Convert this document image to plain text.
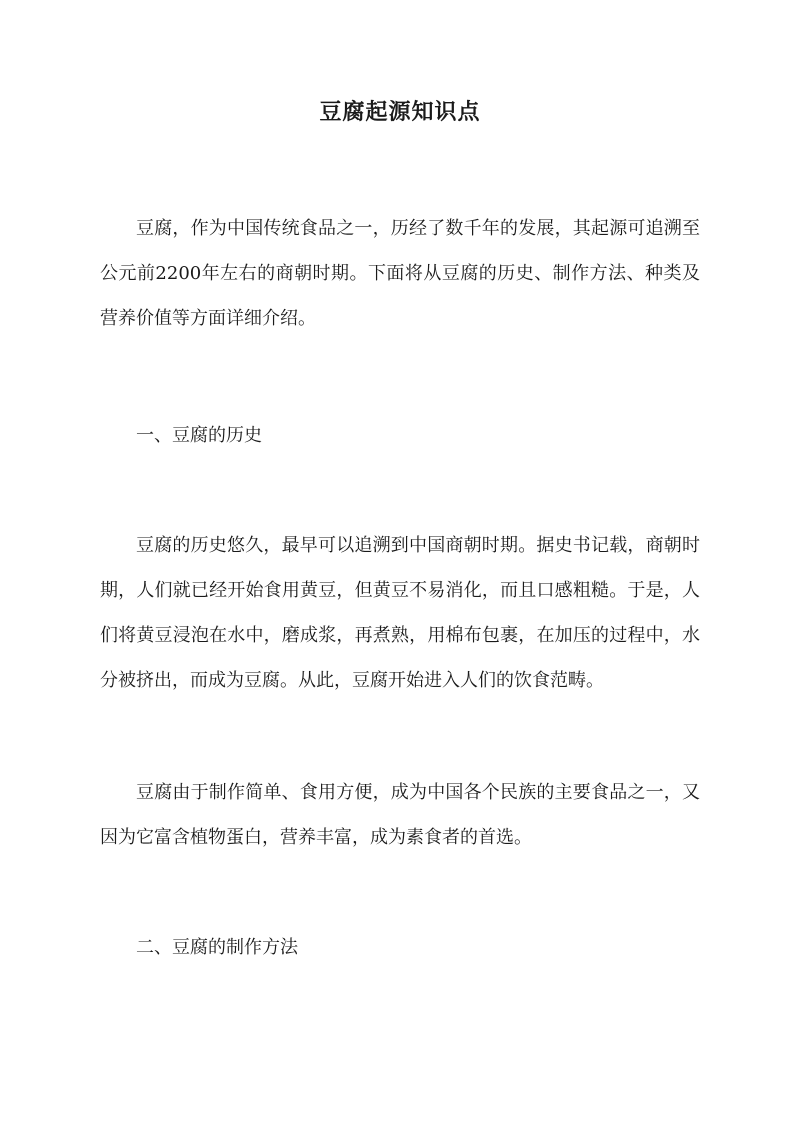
豆腐起源知识点

豆腐，作为中国传统食品之一，历经了数千年的发展，其起源可追溯至公元前2200年左右的商朝时期。下面将从豆腐的历史、制作方法、种类及营养价值等方面详细介绍。

一、豆腐的历史

豆腐的历史悠久，最早可以追溯到中国商朝时期。据史书记载，商朝时期，人们就已经开始食用黄豆，但黄豆不易消化，而且口感粗糙。于是，人们将黄豆浸泡在水中，磨成浆，再煮熟，用棉布包裹，在加压的过程中，水分被挤出，而成为豆腐。从此，豆腐开始进入人们的饮食范畴。

豆腐由于制作简单、食用方便，成为中国各个民族的主要食品之一，又因为它富含植物蛋白，营养丰富，成为素食者的首选。

二、豆腐的制作方法
